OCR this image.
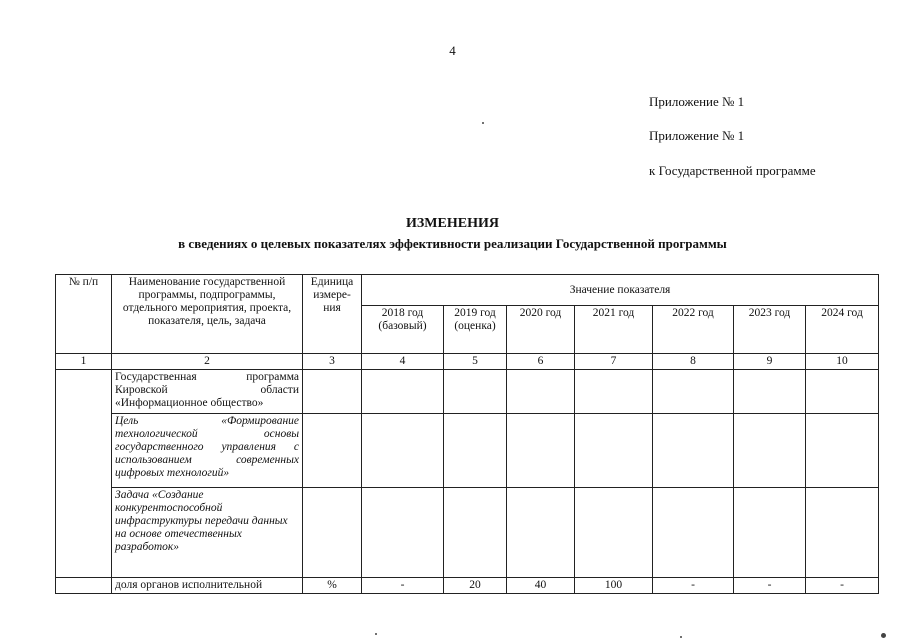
4
Приложение № 1
Приложение № 1
к Государственной программе
ИЗМЕНЕНИЯ
в сведениях о целевых показателях эффективности реализации Государственной программы
№ п/п	Наименование государственной программы, подпрограммы, отдельного мероприятия, проекта, показателя, цель, задача	Единица измере-ния	Значение показателя						
			2018 год (базовый)	2019 год (оценка)	2020 год	2021 год	2022 год	2023 год	2024 год
1	2	3	4	5	6	7	8	9	10
	Государственная программа Кировской области «Информационное общество»								
	Цель «Формирование технологической основы государственного управления с использованием современных цифровых технологий»								
	Задача «Создание конкурентоспособной инфраструктуры передачи данных на основе отечественных разработок»								
	доля органов исполнительной	%	-	20	40	100	-	-	-
